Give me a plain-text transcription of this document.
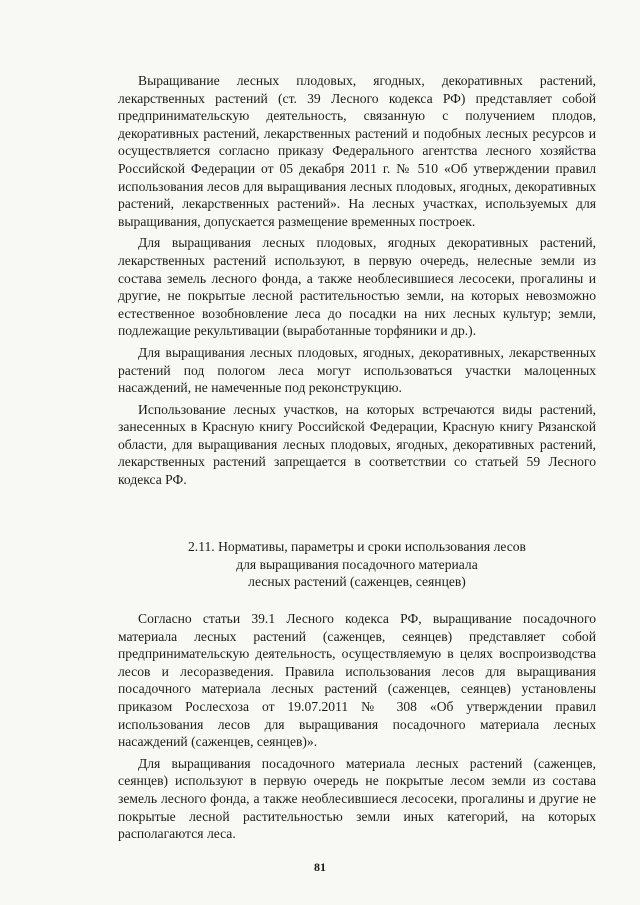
Выращивание лесных плодовых, ягодных, декоративных растений, лекарственных растений (ст. 39 Лесного кодекса РФ) представляет собой предпринимательскую деятельность, связанную с получением плодов, декоративных растений, лекарственных растений и подобных лесных ресурсов и осуществляется согласно приказу Федерального агентства лесного хозяйства Российской Федерации от 05 декабря 2011 г. № 510 «Об утверждении правил использования лесов для выращивания лесных плодовых, ягодных, декоративных растений, лекарственных растений». На лесных участках, используемых для выращивания, допускается размещение временных построек.

Для выращивания лесных плодовых, ягодных декоративных растений, лекарственных растений используют, в первую очередь, нелесные земли из состава земель лесного фонда, а также необлесившиеся лесосеки, прогалины и другие, не покрытые лесной растительностью земли, на которых невозможно естественное возобновление леса до посадки на них лесных культур; земли, подлежащие рекультивации (выработанные торфяники и др.).

Для выращивания лесных плодовых, ягодных, декоративных, лекарственных растений под пологом леса могут использоваться участки малоценных насаждений, не намеченные под реконструкцию.

Использование лесных участков, на которых встречаются виды растений, занесенных в Красную книгу Российской Федерации, Красную книгу Рязанской области, для выращивания лесных плодовых, ягодных, декоративных растений, лекарственных растений запрещается в соответствии со статьей 59 Лесного кодекса РФ.

2.11. Нормативы, параметры и сроки использования лесов
для выращивания посадочного материала
лесных растений (саженцев, сеянцев)

Согласно статьи 39.1 Лесного кодекса РФ, выращивание посадочного материала лесных растений (саженцев, сеянцев) представляет собой предпринимательскую деятельность, осуществляемую в целях воспроизводства лесов и лесоразведения. Правила использования лесов для выращивания посадочного материала лесных растений (саженцев, сеянцев) установлены приказом Рослесхоза от 19.07.2011 № 308 «Об утверждении правил использования лесов для выращивания посадочного материала лесных насаждений (саженцев, сеянцев)».

Для выращивания посадочного материала лесных растений (саженцев, сеянцев) используют в первую очередь не покрытые лесом земли из состава земель лесного фонда, а также необлесившиеся лесосеки, прогалины и другие не покрытые лесной растительностью земли иных категорий, на которых располагаются леса.

81
